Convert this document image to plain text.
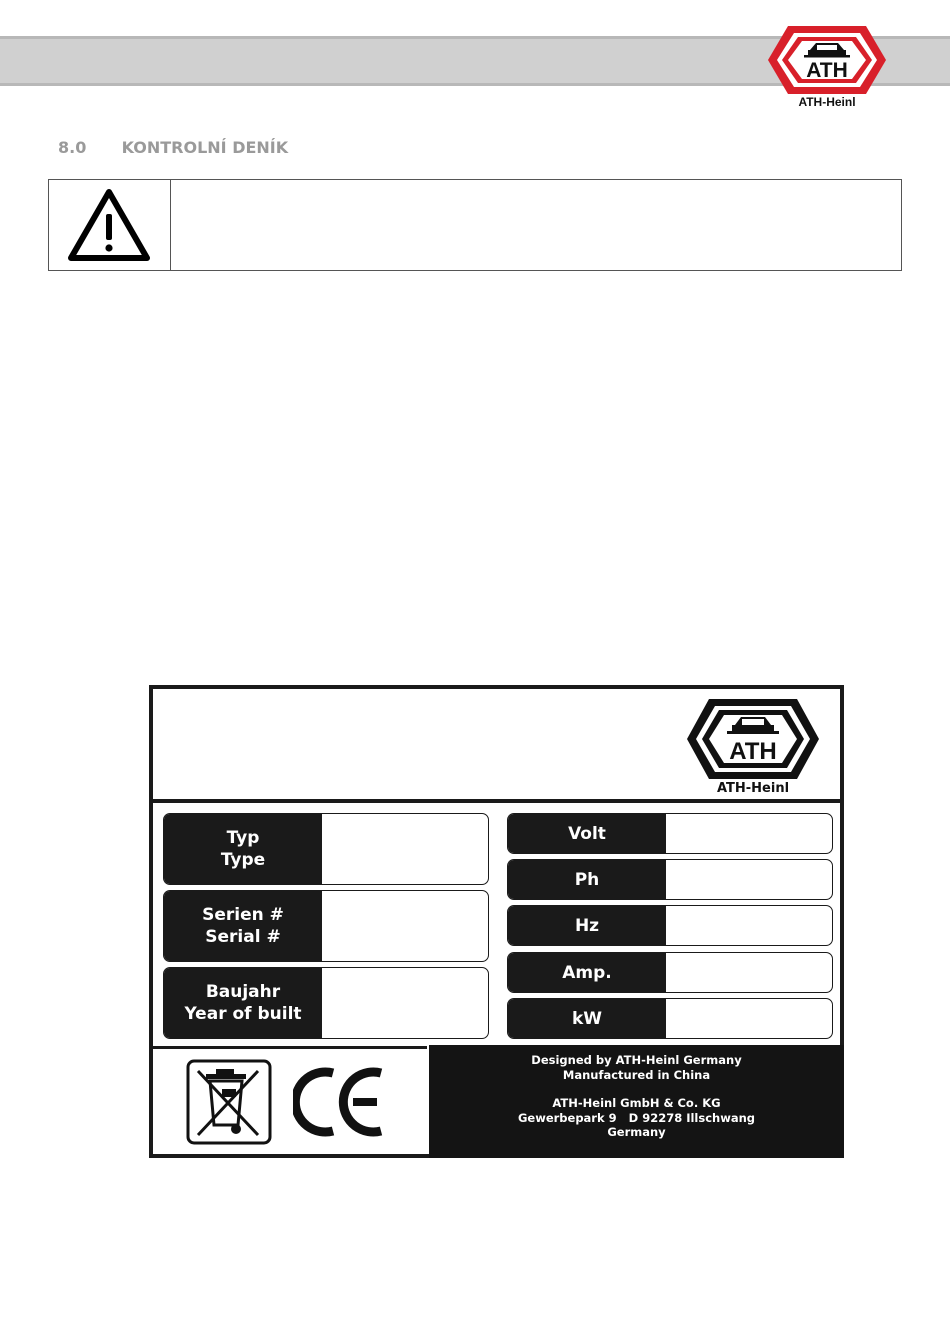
ATH
ATH-Heinl
8.0 KONTROLNÍ DENÍK
ATH
ATH-Heinl
Typ
Type
Serien #
Serial #
Baujahr
Year of built
Volt
Ph
Hz
Amp.
kW
Designed by ATH-Heinl Germany
Manufactured in China
ATH-Heinl GmbH & Co. KG
Gewerbepark 9   D 92278 Illschwang
Germany
